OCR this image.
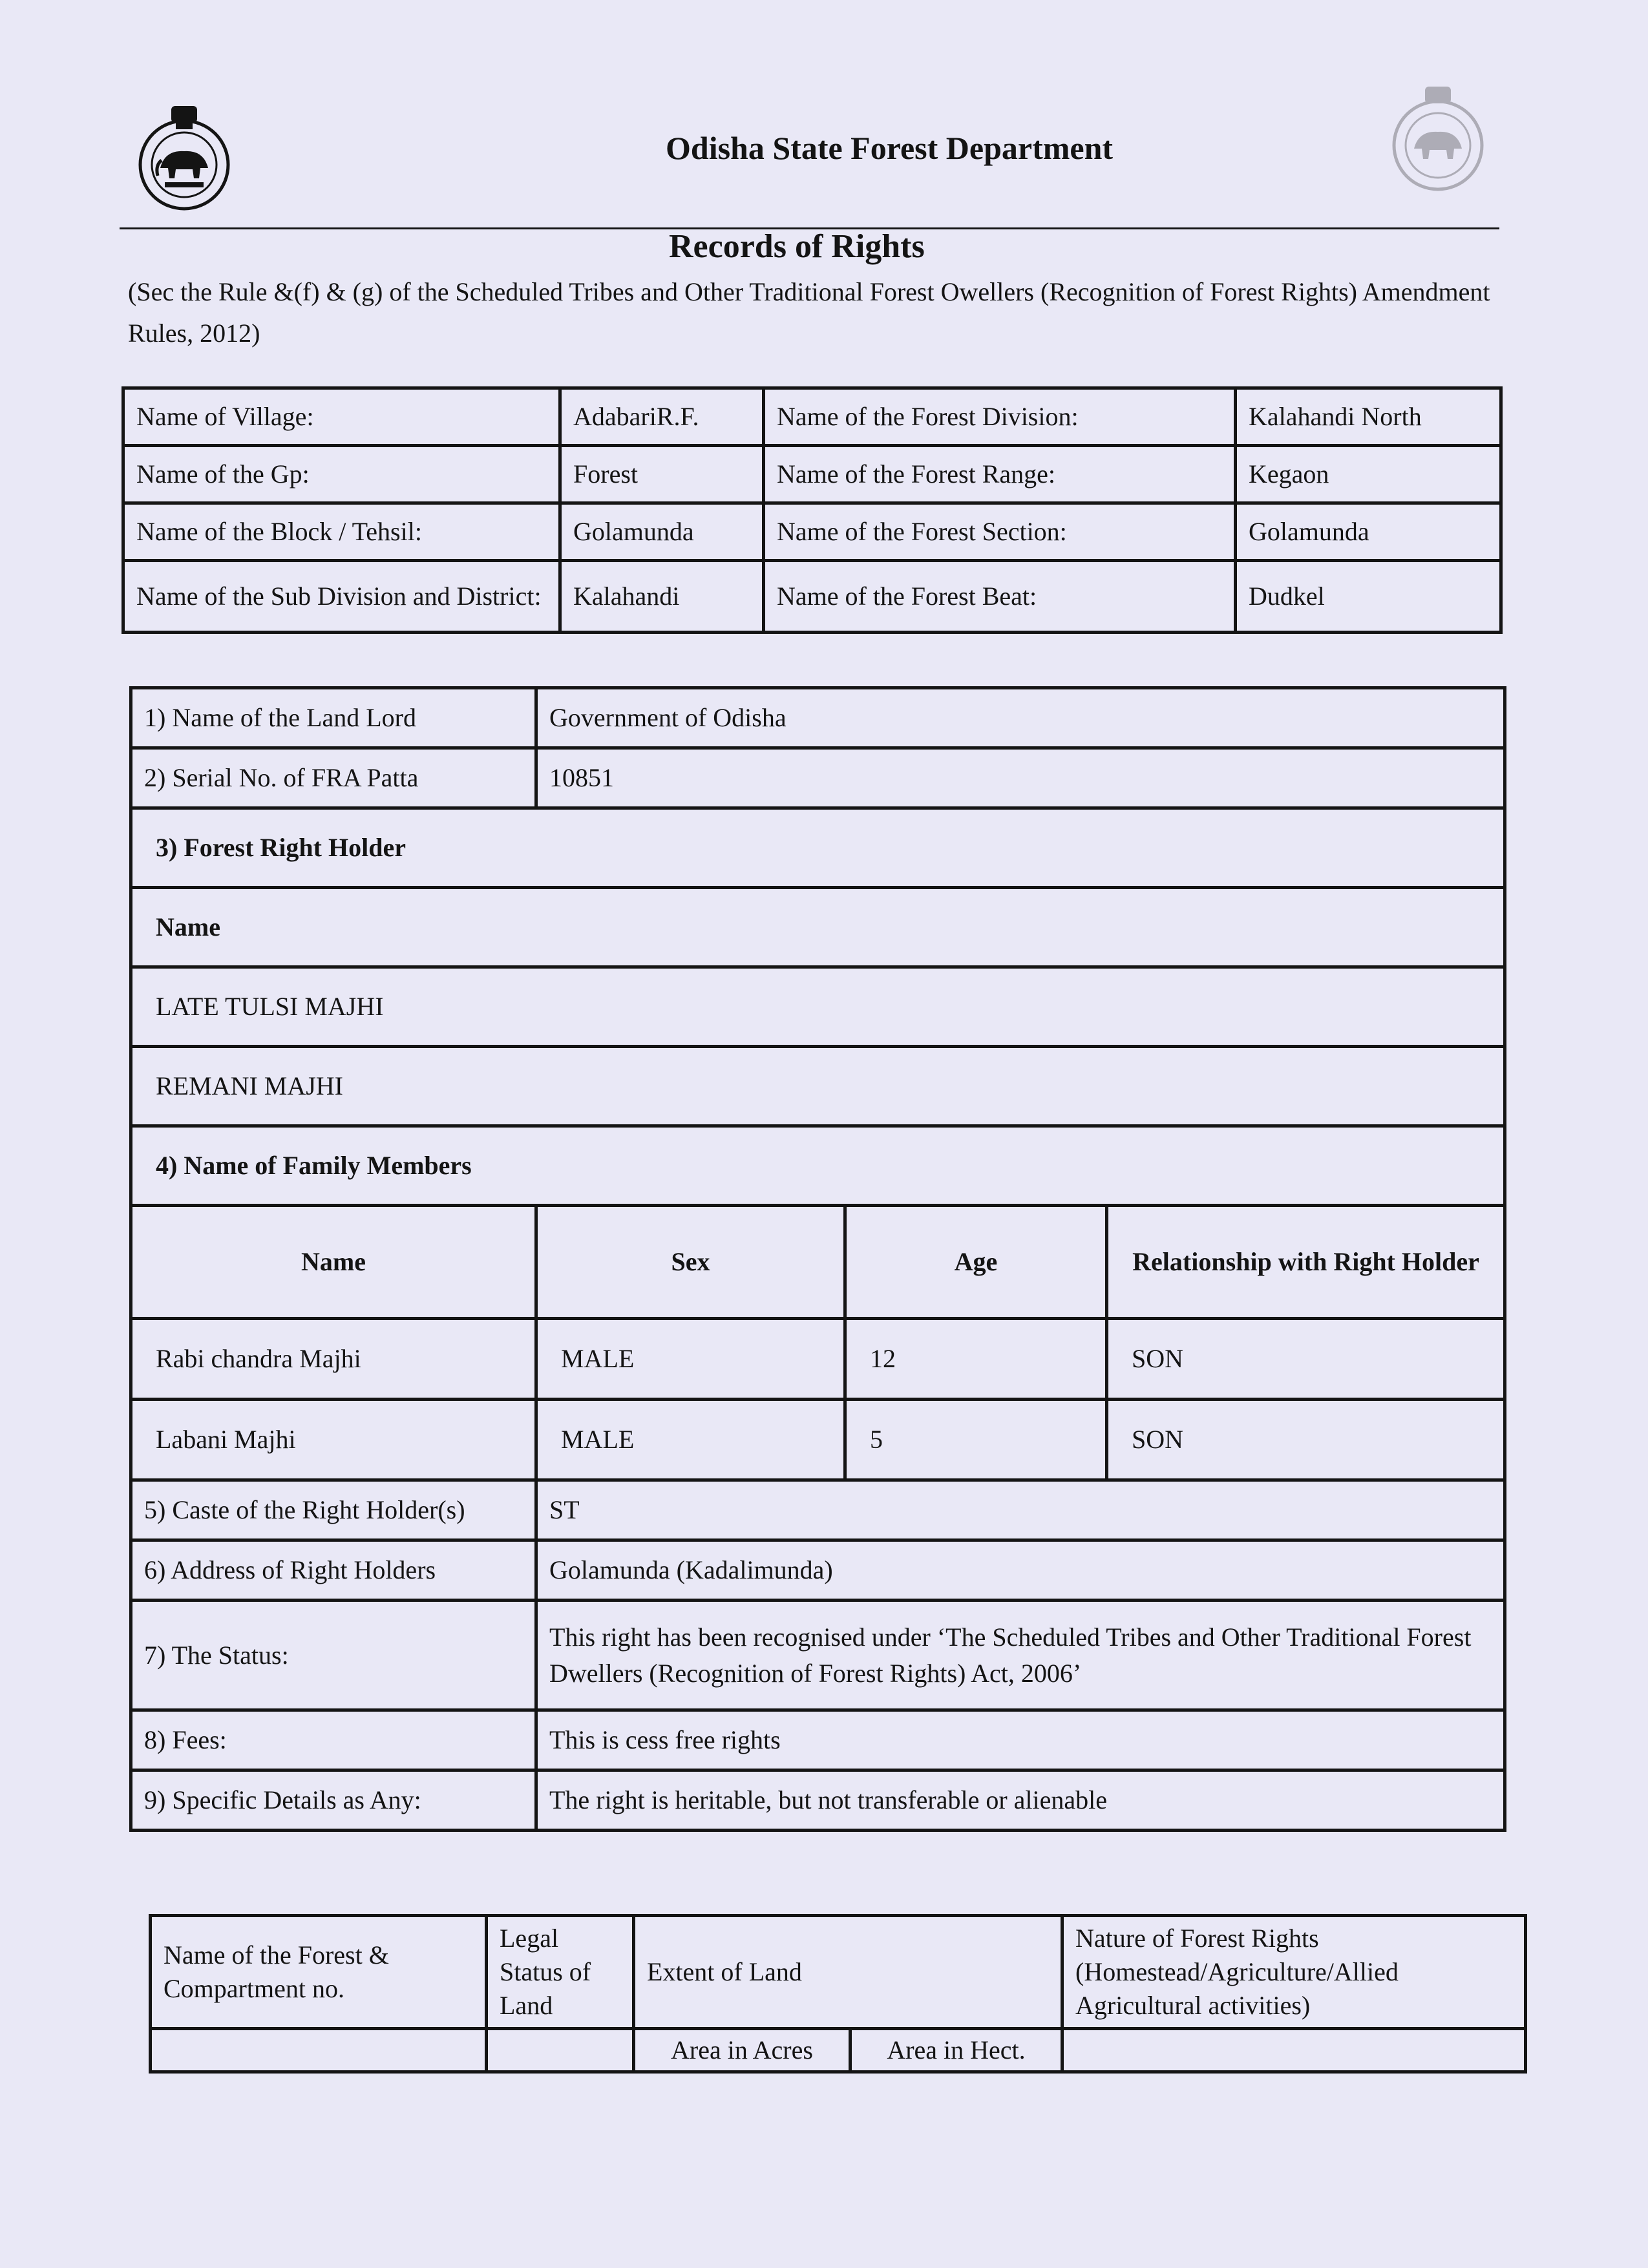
Odisha State Forest Department
Records of Rights
(Sec the Rule &(f) & (g) of the Scheduled Tribes and Other Traditional Forest Owellers (Recognition of Forest Rights) Amendment Rules, 2012)
Name of Village:	AdabariR.F.	Name of the Forest Division:	Kalahandi North
Name of the Gp:	Forest	Name of the Forest Range:	Kegaon
Name of the Block / Tehsil:	Golamunda	Name of the Forest Section:	Golamunda
Name of the Sub Division and District:	Kalahandi	Name of the Forest Beat:	Dudkel
1) Name of the Land Lord	Government of Odisha		
2) Serial No. of FRA Patta	10851		
3) Forest Right Holder			
Name			
LATE TULSI MAJHI			
REMANI MAJHI			
4) Name of Family Members			
Name	Sex	Age	Relationship with Right Holder
Rabi chandra Majhi	MALE	12	SON
Labani Majhi	MALE	5	SON
5) Caste of the Right Holder(s)	ST		
6) Address of Right Holders	Golamunda (Kadalimunda)		
7) The Status:	This right has been recognised under ‘The Scheduled Tribes and Other Traditional Forest Dwellers (Recognition of Forest Rights) Act, 2006’		
8) Fees:	This is cess free rights		
9) Specific Details as Any:	The right is heritable, but not transferable or alienable		
Name of the Forest & Compartment no.	Legal Status of Land	Extent of Land		Nature of Forest Rights (Homestead/Agriculture/Allied Agricultural activities)
		Area in Acres	Area in Hect.	
